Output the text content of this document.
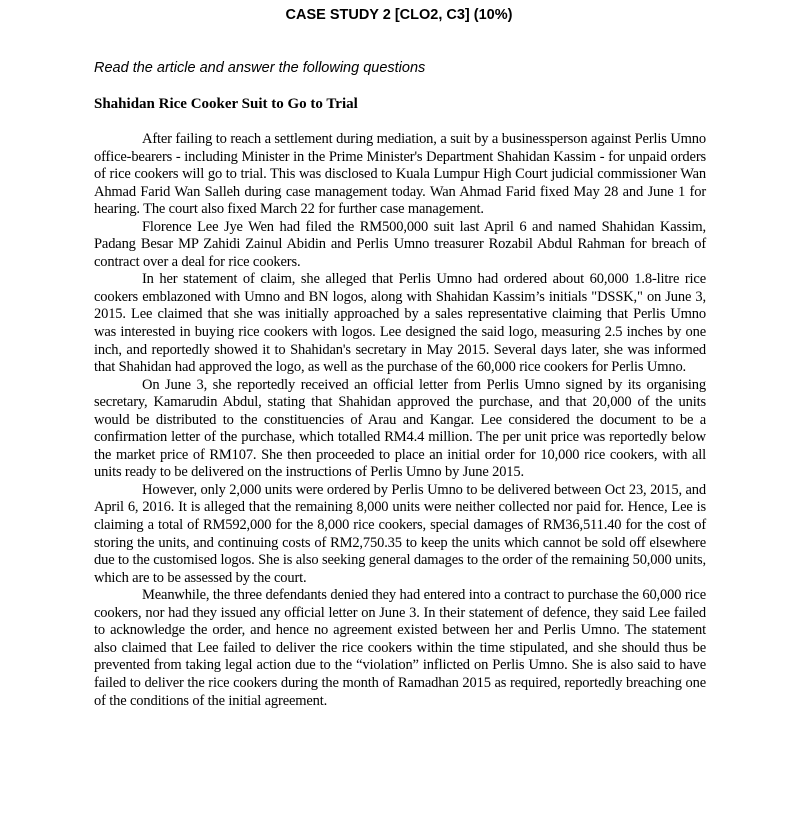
CASE STUDY 2 [CLO2, C3] (10%)

Read the article and answer the following questions

Shahidan Rice Cooker Suit to Go to Trial

After failing to reach a settlement during mediation, a suit by a businessperson against Perlis Umno office-bearers - including Minister in the Prime Minister's Department Shahidan Kassim - for unpaid orders of rice cookers will go to trial. This was disclosed to Kuala Lumpur High Court judicial commissioner Wan Ahmad Farid Wan Salleh during case management today. Wan Ahmad Farid fixed May 28 and June 1 for hearing. The court also fixed March 22 for further case management.

Florence Lee Jye Wen had filed the RM500,000 suit last April 6 and named Shahidan Kassim, Padang Besar MP Zahidi Zainul Abidin and Perlis Umno treasurer Rozabil Abdul Rahman for breach of contract over a deal for rice cookers.

In her statement of claim, she alleged that Perlis Umno had ordered about 60,000 1.8-litre rice cookers emblazoned with Umno and BN logos, along with Shahidan Kassim’s initials "DSSK," on June 3, 2015. Lee claimed that she was initially approached by a sales representative claiming that Perlis Umno was interested in buying rice cookers with logos. Lee designed the said logo, measuring 2.5 inches by one inch, and reportedly showed it to Shahidan's secretary in May 2015. Several days later, she was informed that Shahidan had approved the logo, as well as the purchase of the 60,000 rice cookers for Perlis Umno.

On June 3, she reportedly received an official letter from Perlis Umno signed by its organising secretary, Kamarudin Abdul, stating that Shahidan approved the purchase, and that 20,000 of the units would be distributed to the constituencies of Arau and Kangar. Lee considered the document to be a confirmation letter of the purchase, which totalled RM4.4 million. The per unit price was reportedly below the market price of RM107. She then proceeded to place an initial order for 10,000 rice cookers, with all units ready to be delivered on the instructions of Perlis Umno by June 2015.

However, only 2,000 units were ordered by Perlis Umno to be delivered between Oct 23, 2015, and April 6, 2016. It is alleged that the remaining 8,000 units were neither collected nor paid for. Hence, Lee is claiming a total of RM592,000 for the 8,000 rice cookers, special damages of RM36,511.40 for the cost of storing the units, and continuing costs of RM2,750.35 to keep the units which cannot be sold off elsewhere due to the customised logos. She is also seeking general damages to the order of the remaining 50,000 units, which are to be assessed by the court.

Meanwhile, the three defendants denied they had entered into a contract to purchase the 60,000 rice cookers, nor had they issued any official letter on June 3. In their statement of defence, they said Lee failed to acknowledge the order, and hence no agreement existed between her and Perlis Umno. The statement also claimed that Lee failed to deliver the rice cookers within the time stipulated, and she should thus be prevented from taking legal action due to the “violation” inflicted on Perlis Umno. She is also said to have failed to deliver the rice cookers during the month of Ramadhan 2015 as required, reportedly breaching one of the conditions of the initial agreement.
